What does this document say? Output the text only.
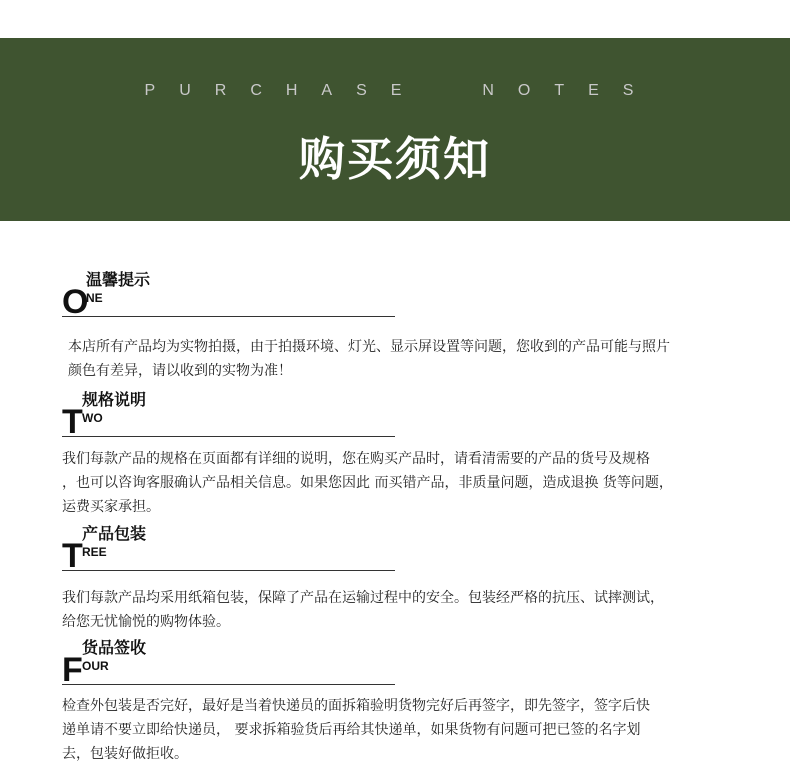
PURCHASE  NOTES
购买须知
O
温馨提示
NE
本店所有产品均为实物拍摄，由于拍摄环境、灯光、显示屏设置等问题，您收到的产品可能与照片
颜色有差异，请以收到的实物为准！
T
规格说明
WO
我们每款产品的规格在页面都有详细的说明，您在购买产品时，请看清需要的产品的货号及规格
，也可以咨询客服确认产品相关信息。如果您因此 而买错产品，非质量问题，造成退换 货等问题，
运费买家承担。
T
产品包装
REE
我们每款产品均采用纸箱包装，保障了产品在运输过程中的安全。包装经严格的抗压、试摔测试，
给您无忧愉悦的购物体验。
F
货品签收
OUR
检查外包装是否完好，最好是当着快递员的面拆箱验明货物完好后再签字，即先签字，签字后快
递单请不要立即给快递员， 要求拆箱验货后再给其快递单，如果货物有问题可把已签的名字划
去，包装好做拒收。
